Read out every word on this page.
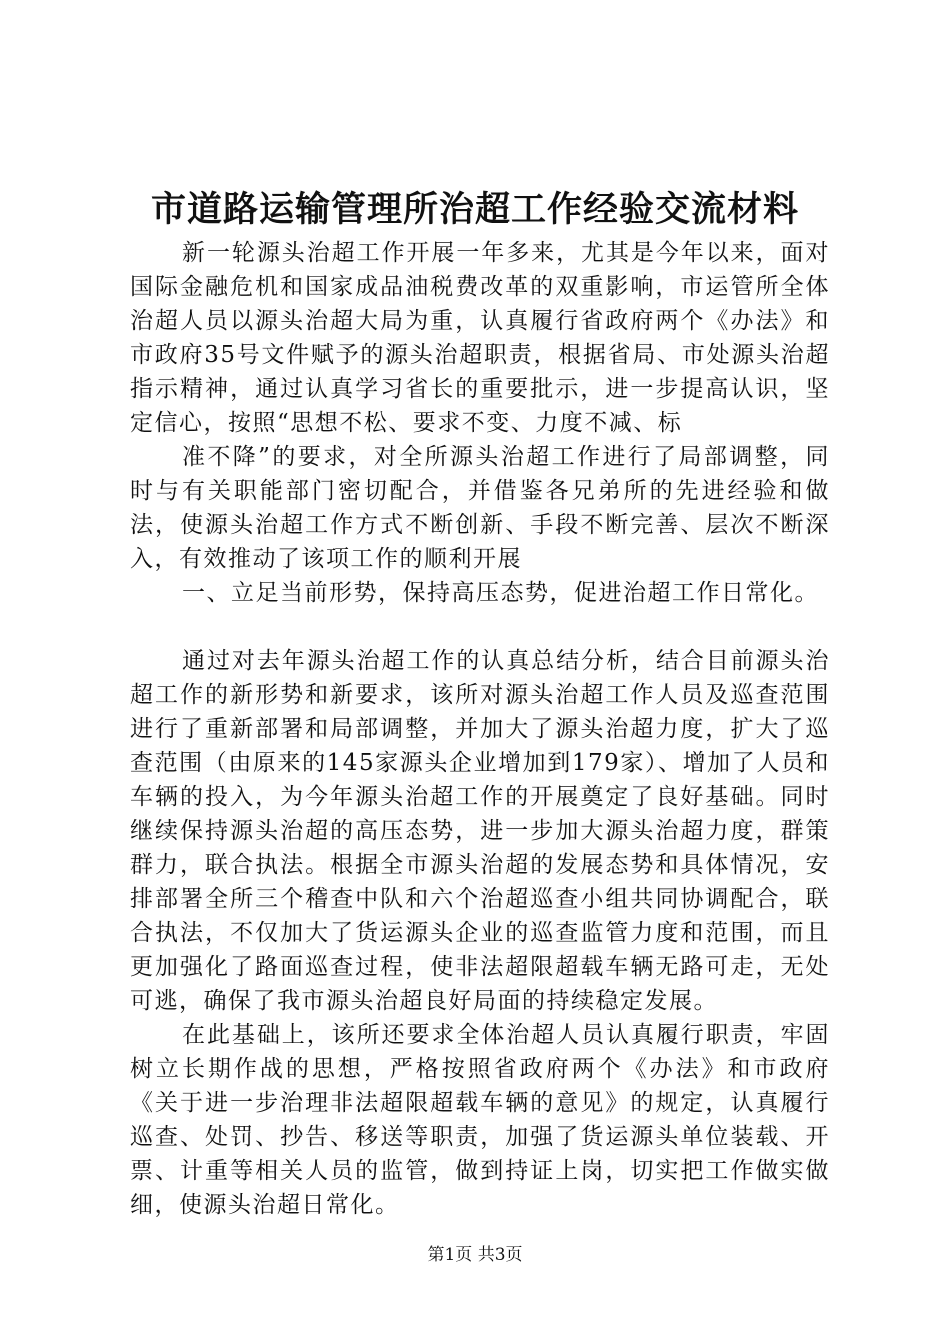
市道路运输管理所治超工作经验交流材料

新一轮源头治超工作开展一年多来，尤其是今年以来，面对国际金融危机和国家成品油税费改革的双重影响，市运管所全体治超人员以源头治超大局为重，认真履行省政府两个《办法》和市政府35号文件赋予的源头治超职责，根据省局、市处源头治超指示精神，通过认真学习省长的重要批示，进一步提高认识，坚定信心，按照“思想不松、要求不变、力度不减、标

准不降”的要求，对全所源头治超工作进行了局部调整，同时与有关职能部门密切配合，并借鉴各兄弟所的先进经验和做法，使源头治超工作方式不断创新、手段不断完善、层次不断深入，有效推动了该项工作的顺利开展

一、立足当前形势，保持高压态势，促进治超工作日常化。

通过对去年源头治超工作的认真总结分析，结合目前源头治超工作的新形势和新要求，该所对源头治超工作人员及巡查范围进行了重新部署和局部调整，并加大了源头治超力度，扩大了巡查范围（由原来的145家源头企业增加到179家）、增加了人员和车辆的投入，为今年源头治超工作的开展奠定了良好基础。同时继续保持源头治超的高压态势，进一步加大源头治超力度，群策群力，联合执法。根据全市源头治超的发展态势和具体情况，安排部署全所三个稽查中队和六个治超巡查小组共同协调配合，联合执法，不仅加大了货运源头企业的巡查监管力度和范围，而且更加强化了路面巡查过程，使非法超限超载车辆无路可走，无处可逃，确保了我市源头治超良好局面的持续稳定发展。

在此基础上，该所还要求全体治超人员认真履行职责，牢固树立长期作战的思想，严格按照省政府两个《办法》和市政府《关于进一步治理非法超限超载车辆的意见》的规定，认真履行巡查、处罚、抄告、移送等职责，加强了货运源头单位装载、开票、计重等相关人员的监管，做到持证上岗，切实把工作做实做细，使源头治超日常化。

第1页 共3页
